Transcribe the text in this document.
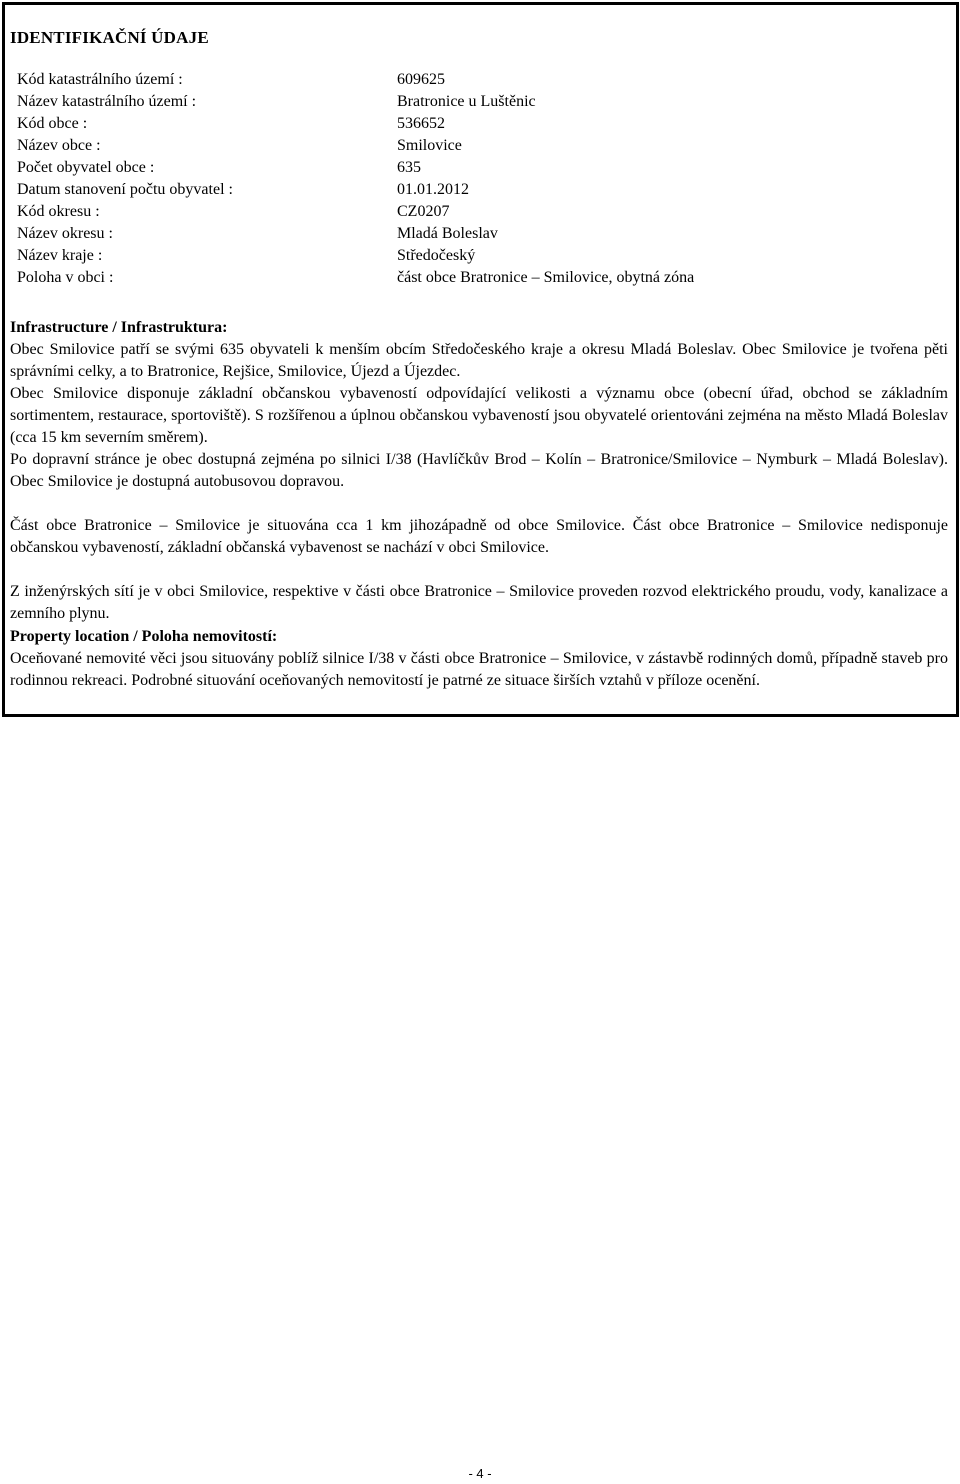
IDENTIFIKAČNÍ ÚDAJE
Kód katastrálního území :	609625
Název katastrálního území :	Bratronice u Luštěnic
Kód obce :	536652
Název obce :	Smilovice
Počet obyvatel obce :	635
Datum stanovení počtu obyvatel :	01.01.2012
Kód okresu :	CZ0207
Název okresu :	Mladá Boleslav
Název kraje :	Středočeský
Poloha v obci :	část obce Bratronice – Smilovice, obytná zóna
Infrastructure / Infrastruktura:

Obec Smilovice patří se svými 635 obyvateli k menším obcím Středočeského kraje a okresu Mladá Boleslav. Obec Smilovice je tvořena pěti správními celky, a to Bratronice, Rejšice, Smilovice, Újezd a Újezdec.

Obec Smilovice disponuje základní občanskou vybaveností odpovídající velikosti a významu obce (obecní úřad, obchod se základním sortimentem, restaurace, sportoviště). S rozšířenou a úplnou občanskou vybaveností jsou obyvatelé orientováni zejména na město Mladá Boleslav (cca 15 km severním směrem).

Po dopravní stránce je obec dostupná zejména po silnici I/38 (Havlíčkův Brod – Kolín – Bratronice/Smilovice – Nymburk – Mladá Boleslav). Obec Smilovice je dostupná autobusovou dopravou.

Část obce Bratronice – Smilovice je situována cca 1 km jihozápadně od obce Smilovice. Část obce Bratronice – Smilovice nedisponuje občanskou vybaveností, základní občanská vybavenost se nachází v obci Smilovice.

Z inženýrských sítí je v obci Smilovice, respektive v části obce Bratronice – Smilovice proveden rozvod elektrického proudu, vody, kanalizace a zemního plynu.

Property location / Poloha nemovitostí:

Oceňované nemovité věci jsou situovány poblíž silnice I/38 v části obce Bratronice – Smilovice, v zástavbě rodinných domů, případně staveb pro rodinnou rekreaci. Podrobné situování oceňovaných nemovitostí je patrné ze situace širších vztahů v příloze ocenění.

- 4 -
